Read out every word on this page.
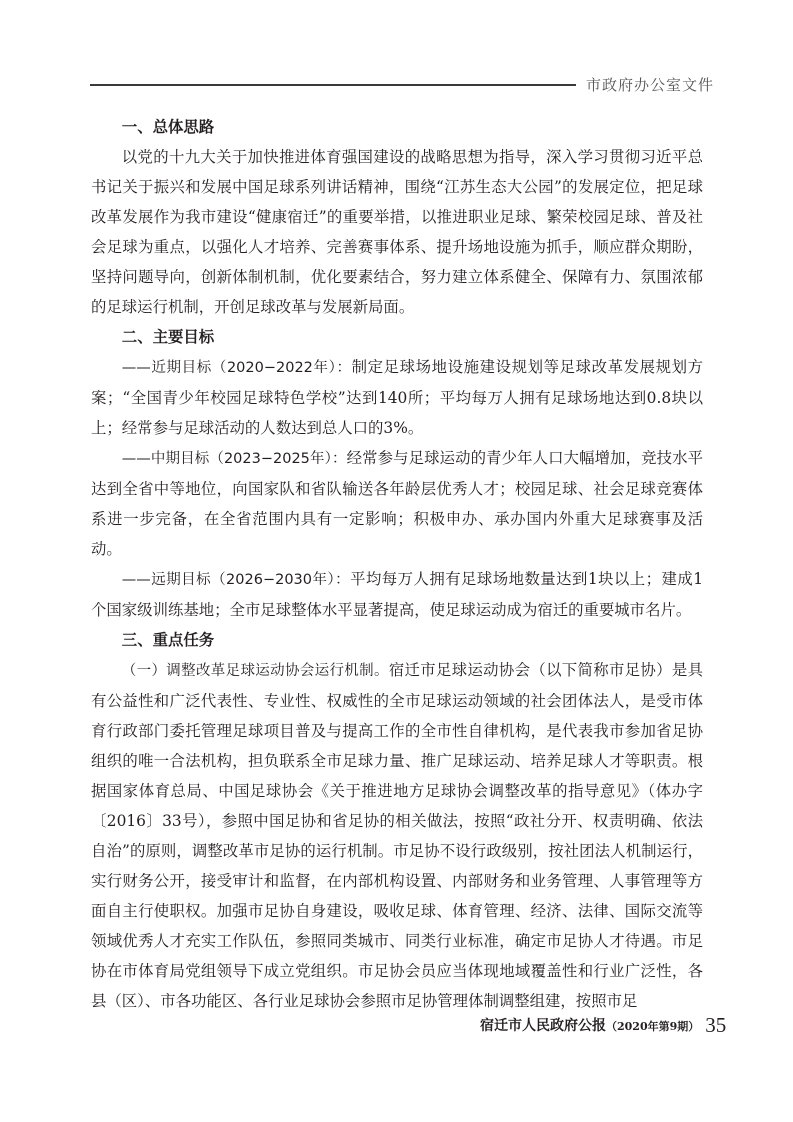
市政府办公室文件
一、总体思路

以党的十九大关于加快推进体育强国建设的战略思想为指导，深入学习贯彻习近平总书记关于振兴和发展中国足球系列讲话精神，围绕“江苏生态大公园”的发展定位，把足球改革发展作为我市建设“健康宿迁”的重要举措，以推进职业足球、繁荣校园足球、普及社会足球为重点，以强化人才培养、完善赛事体系、提升场地设施为抓手，顺应群众期盼，坚持问题导向，创新体制机制，优化要素结合，努力建立体系健全、保障有力、氛围浓郁的足球运行机制，开创足球改革与发展新局面。

二、主要目标

——近期目标（2020−2022年）：制定足球场地设施建设规划等足球改革发展规划方案；“全国青少年校园足球特色学校”达到140所；平均每万人拥有足球场地达到0.8块以上；经常参与足球活动的人数达到总人口的3%。

——中期目标（2023−2025年）：经常参与足球运动的青少年人口大幅增加，竞技水平达到全省中等地位，向国家队和省队输送各年龄层优秀人才；校园足球、社会足球竞赛体系进一步完备，在全省范围内具有一定影响；积极申办、承办国内外重大足球赛事及活动。

——远期目标（2026−2030年）：平均每万人拥有足球场地数量达到1块以上；建成1个国家级训练基地；全市足球整体水平显著提高，使足球运动成为宿迁的重要城市名片。

三、重点任务

（一）调整改革足球运动协会运行机制。宿迁市足球运动协会（以下简称市足协）是具有公益性和广泛代表性、专业性、权威性的全市足球运动领域的社会团体法人，是受市体育行政部门委托管理足球项目普及与提高工作的全市性自律机构，是代表我市参加省足协组织的唯一合法机构，担负联系全市足球力量、推广足球运动、培养足球人才等职责。根据国家体育总局、中国足球协会《关于推进地方足球协会调整改革的指导意见》（体办字〔2016〕33号），参照中国足协和省足协的相关做法，按照“政社分开、权责明确、依法自治”的原则，调整改革市足协的运行机制。市足协不设行政级别，按社团法人机制运行，实行财务公开，接受审计和监督，在内部机构设置、内部财务和业务管理、人事管理等方面自主行使职权。加强市足协自身建设，吸收足球、体育管理、经济、法律、国际交流等领域优秀人才充实工作队伍，参照同类城市、同类行业标准，确定市足协人才待遇。市足协在市体育局党组领导下成立党组织。市足协会员应当体现地域覆盖性和行业广泛性，各县（区）、市各功能区、各行业足球协会参照市足协管理体制调整组建，按照市足

宿迁市人民政府公报（2020年第9期） 35
